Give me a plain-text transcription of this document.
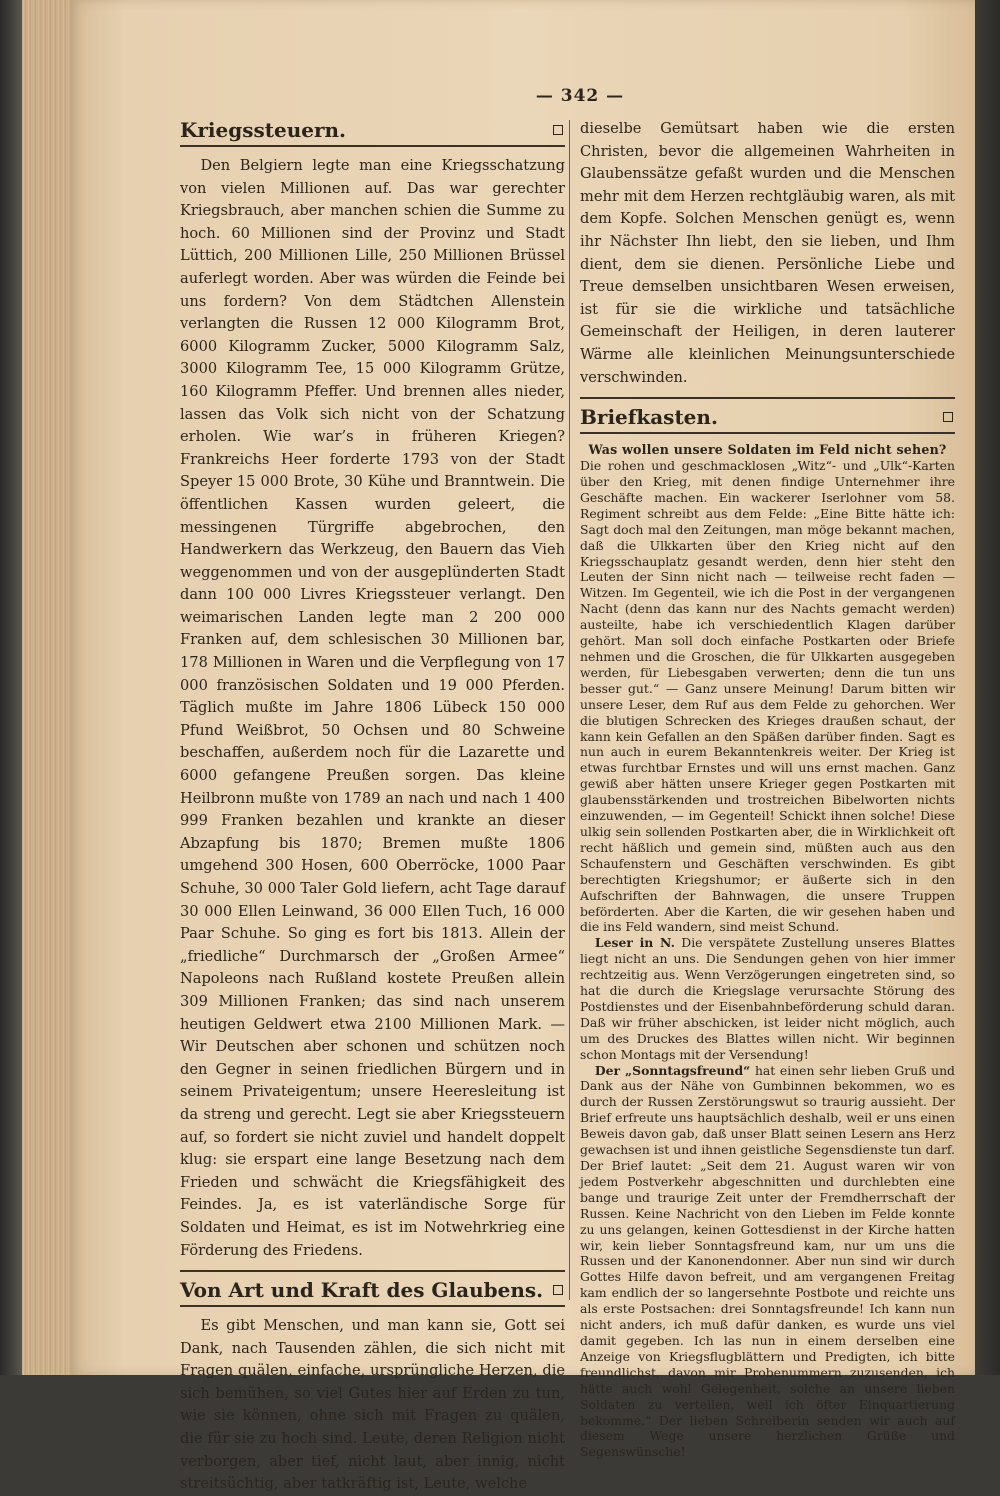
— 342 —
Kriegssteuern.

Den Belgiern legte man eine Kriegsschatzung von vielen Millionen auf. Das war gerechter Kriegsbrauch, aber manchen schien die Summe zu hoch. 60 Millionen sind der Provinz und Stadt Lüttich, 200 Millionen Lille, 250 Millionen Brüssel auferlegt worden. Aber was würden die Feinde bei uns fordern? Von dem Städtchen Allenstein verlangten die Russen 12 000 Kilogramm Brot, 6000 Kilogramm Zucker, 5000 Kilogramm Salz, 3000 Kilogramm Tee, 15 000 Kilogramm Grütze, 160 Kilogramm Pfeffer. Und brennen alles nieder, lassen das Volk sich nicht von der Schatzung erholen. Wie war’s in früheren Kriegen? Frankreichs Heer forderte 1793 von der Stadt Speyer 15 000 Brote, 30 Kühe und Branntwein. Die öffentlichen Kassen wurden geleert, die messingenen Türgriffe abgebrochen, den Handwerkern das Werkzeug, den Bauern das Vieh weggenommen und von der ausgeplünderten Stadt dann 100 000 Livres Kriegssteuer verlangt. Den weimarischen Landen legte man 2 200 000 Franken auf, dem schlesischen 30 Millionen bar, 178 Millionen in Waren und die Verpflegung von 17 000 französischen Soldaten und 19 000 Pferden. Täglich mußte im Jahre 1806 Lübeck 150 000 Pfund Weißbrot, 50 Ochsen und 80 Schweine beschaffen, außerdem noch für die Lazarette und 6000 gefangene Preußen sorgen. Das kleine Heilbronn mußte von 1789 an nach und nach 1 400 999 Franken bezahlen und krankte an dieser Abzapfung bis 1870; Bremen mußte 1806 umgehend 300 Hosen, 600 Oberröcke, 1000 Paar Schuhe, 30 000 Taler Gold liefern, acht Tage darauf 30 000 Ellen Leinwand, 36 000 Ellen Tuch, 16 000 Paar Schuhe. So ging es fort bis 1813. Allein der „friedliche“ Durchmarsch der „Großen Armee“ Napoleons nach Rußland kostete Preußen allein 309 Millionen Franken; das sind nach unserem heutigen Geldwert etwa 2100 Millionen Mark. — Wir Deutschen aber schonen und schützen noch den Gegner in seinen friedlichen Bürgern und in seinem Privateigentum; unsere Heeresleitung ist da streng und gerecht. Legt sie aber Kriegssteuern auf, so fordert sie nicht zuviel und handelt doppelt klug: sie erspart eine lange Besetzung nach dem Frieden und schwächt die Kriegsfähigkeit des Feindes. Ja, es ist vaterländische Sorge für Soldaten und Heimat, es ist im Notwehrkrieg eine Förderung des Friedens.

Von Art und Kraft des Glaubens.

Es gibt Menschen, und man kann sie, Gott sei Dank, nach Tausenden zählen, die sich nicht mit Fragen quälen, einfache, ursprüngliche Herzen, die sich bemühen, so viel Gutes hier auf Erden zu tun, wie sie können, ohne sich mit Fragen zu quälen, die für sie zu hoch sind. Leute, deren Religion nicht verborgen, aber tief, nicht laut, aber innig, nicht streitsüchtig, aber tatkräftig ist, Leute, welche

dieselbe Gemütsart haben wie die ersten Christen, bevor die allgemeinen Wahrheiten in Glaubenssätze gefaßt wurden und die Menschen mehr mit dem Herzen rechtgläubig waren, als mit dem Kopfe. Solchen Menschen genügt es, wenn ihr Nächster Ihn liebt, den sie lieben, und Ihm dient, dem sie dienen. Persönliche Liebe und Treue demselben unsichtbaren Wesen erweisen, ist für sie die wirkliche und tatsächliche Gemeinschaft der Heiligen, in deren lauterer Wärme alle kleinlichen Meinungsunterschiede verschwinden.

Briefkasten.

Was wollen unsere Soldaten im Feld nicht sehen?

Die rohen und geschmacklosen „Witz“- und „Ulk“-Karten über den Krieg, mit denen findige Unternehmer ihre Geschäfte machen. Ein wackerer Iserlohner vom 58. Regiment schreibt aus dem Felde: „Eine Bitte hätte ich: Sagt doch mal den Zeitungen, man möge bekannt machen, daß die Ulkkarten über den Krieg nicht auf den Kriegsschauplatz gesandt werden, denn hier steht den Leuten der Sinn nicht nach — teilweise recht faden — Witzen. Im Gegenteil, wie ich die Post in der vergangenen Nacht (denn das kann nur des Nachts gemacht werden) austeilte, habe ich verschiedentlich Klagen darüber gehört. Man soll doch einfache Postkarten oder Briefe nehmen und die Groschen, die für Ulkkarten ausgegeben werden, für Liebesgaben verwerten; denn die tun uns besser gut.“ — Ganz unsere Meinung! Darum bitten wir unsere Leser, dem Ruf aus dem Felde zu gehorchen. Wer die blutigen Schrecken des Krieges draußen schaut, der kann kein Gefallen an den Späßen darüber finden. Sagt es nun auch in eurem Bekanntenkreis weiter. Der Krieg ist etwas furchtbar Ernstes und will uns ernst machen. Ganz gewiß aber hätten unsere Krieger gegen Postkarten mit glaubensstärkenden und trostreichen Bibelworten nichts einzuwenden, — im Gegenteil! Schickt ihnen solche! Diese ulkig sein sollenden Postkarten aber, die in Wirklichkeit oft recht häßlich und gemein sind, müßten auch aus den Schaufenstern und Geschäften verschwinden. Es gibt berechtigten Kriegshumor; er äußerte sich in den Aufschriften der Bahnwagen, die unsere Truppen beförderten. Aber die Karten, die wir gesehen haben und die ins Feld wandern, sind meist Schund.

Leser in N. Die verspätete Zustellung unseres Blattes liegt nicht an uns. Die Sendungen gehen von hier immer rechtzeitig aus. Wenn Verzögerungen eingetreten sind, so hat die durch die Kriegslage verursachte Störung des Postdienstes und der Eisenbahnbeförderung schuld daran. Daß wir früher abschicken, ist leider nicht möglich, auch um des Druckes des Blattes willen nicht. Wir beginnen schon Montags mit der Versendung!

Der „Sonntagsfreund“ hat einen sehr lieben Gruß und Dank aus der Nähe von Gumbinnen bekommen, wo es durch der Russen Zerstörungswut so traurig aussieht. Der Brief erfreute uns hauptsächlich deshalb, weil er uns einen Beweis davon gab, daß unser Blatt seinen Lesern ans Herz gewachsen ist und ihnen geistliche Segensdienste tun darf. Der Brief lautet: „Seit dem 21. August waren wir von jedem Postverkehr abgeschnitten und durchlebten eine bange und traurige Zeit unter der Fremdherrschaft der Russen. Keine Nachricht von den Lieben im Felde konnte zu uns gelangen, keinen Gottesdienst in der Kirche hatten wir, kein lieber Sonntagsfreund kam, nur um uns die Russen und der Kanonendonner. Aber nun sind wir durch Gottes Hilfe davon befreit, und am vergangenen Freitag kam endlich der so langersehnte Postbote und reichte uns als erste Postsachen: drei Sonntagsfreunde! Ich kann nun nicht anders, ich muß dafür danken, es wurde uns viel damit gegeben. Ich las nun in einem derselben eine Anzeige von Kriegsflugblättern und Predigten, ich bitte freundlichst, davon mir Probenummern zuzusenden, ich hätte auch wohl Gelegenheit, solche an unsere lieben Soldaten zu verteilen, weil ich öfter Einquartierung bekomme.“ Der lieben Schreiberin senden wir auch auf diesem Wege unsere herzlichen Grüße und Segenswünsche!
